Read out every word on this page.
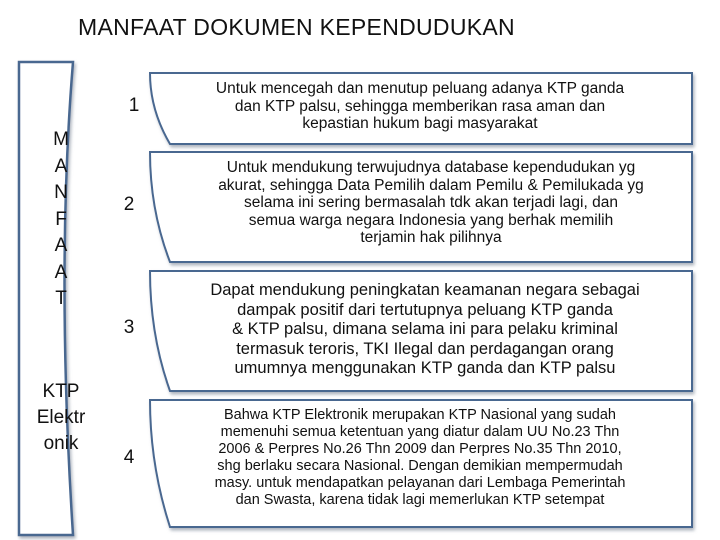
MANFAAT DOKUMEN KEPENDUDUKAN
M
A
N
F
A
A
T
KTP
Elektr
onik
1
Untuk mencegah dan menutup peluang adanya KTP ganda
dan KTP palsu, sehingga memberikan rasa aman dan
kepastian hukum bagi masyarakat
2
Untuk mendukung terwujudnya database kependudukan yg
akurat, sehingga Data Pemilih dalam Pemilu & Pemilukada yg
selama ini sering bermasalah tdk akan terjadi lagi, dan
semua warga negara Indonesia yang berhak memilih
terjamin hak pilihnya
3
Dapat mendukung peningkatan keamanan negara sebagai
dampak positif dari tertutupnya peluang KTP ganda
& KTP palsu, dimana selama ini para pelaku kriminal
termasuk teroris, TKI Ilegal dan perdagangan orang
umumnya menggunakan KTP ganda dan KTP palsu
4
Bahwa KTP Elektronik merupakan KTP Nasional yang sudah
memenuhi semua ketentuan yang diatur dalam UU No.23 Thn
2006 & Perpres No.26 Thn 2009 dan Perpres No.35 Thn 2010,
shg berlaku secara Nasional. Dengan demikian mempermudah
masy. untuk mendapatkan pelayanan dari Lembaga Pemerintah
dan Swasta, karena tidak lagi memerlukan KTP setempat
